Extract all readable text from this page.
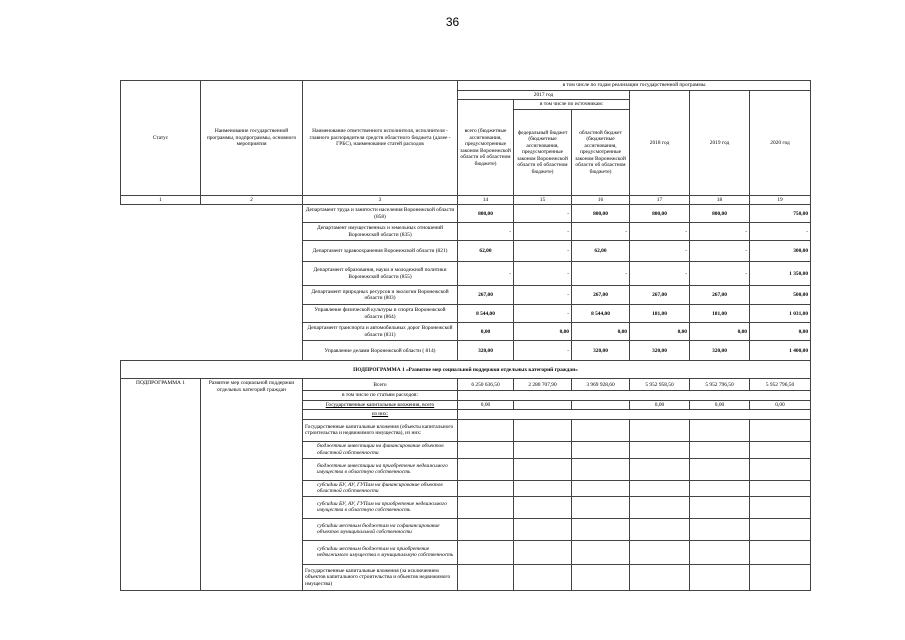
36
Статус	Наименование государственной программы, подпрограммы, основного мероприятия	Наименование ответственного исполнителя, исполнителя - главного распорядителя средств областного бюджета (далее - ГРБС), наименование статей расходов	в том числе по годам реализации государственной программы					
			2017 год			2018 год	2019 год	2020 год
			всего (бюджетные ассигнования, предусмотренные законом Воронежской области об областном бюджете)	в том числе по источникам:				
				федеральный бюджет (бюджетные ассигнования, предусмотренные законом Воронежской области об областном бюджете)	областной бюджет (бюджетные ассигнования, предусмотренные законом Воронежской области об областном бюджете)			
1	2	3	14	15	16	17	18	19
		Департамент труда и занятости населения Воронежской области (858)	800,00	-	800,00	800,00	800,00	750,00
		Департамент имущественных и земельных отношений Воронежской области (835)	-	-	-	-	-	-
		Департамент здравоохранения Воронежской области (821)	62,00	-	62,00	-	-	300,00
		Департамент образования, науки и молодежной политики Воронежской области (855)	-	-	-	-	-	1 350,00
		Департамент природных ресурсов и экологии Воронежской области (803)	267,00	-	267,00	267,00	267,00	500,00
		Управление физической культуры и спорта Воронежской области (864)	8 544,00	-	8 544,00	181,00	181,00	1 031,00
		Департамент транспорта и автомобильных дорог Воронежской области (831)	0,00	0,00	0,00	0,00	0,00	0,00
		Управление делами Воронежской области ( 814)	320,00	-	320,00	320,00	320,00	1 400,00
ПОДПРОГРАММА 1 «Развитие мер социальной поддержки отдельных категорий граждан»								
ПОДПРОГРАММА 1	Развитие мер социальной поддержки отдельных категорий граждан	Всего	6 250 636,50	2 280 707,90	3 969 928,60	5 952 958,50	5 952 796,50	5 952 796,50
		в том числе по статьям расходов:						
		Государственные капитальные вложения, всего	0,00			0,00	0,00	0,00
		из них:						
		Государственные капитальные вложения (объекты капитального строительства и недвижимого имущества), из них:						
		бюджетные инвестиции на финансирование объектов областной собственности						
		бюджетные инвестиции на приобретение недвижимого имущества в областную собственность						
		субсидии БУ, АУ, ГУПам на финансирование объектов областной собственности						
		субсидии БУ, АУ, ГУПам на приобретение недвижимого имущества в областную собственность						
		субсидии местным бюджетам на софинансирование объектов муниципальной собственности						
		субсидии местным бюджетам на приобретение недвижимого имущества в муниципальную собственность						
		Государственные капитальные вложения (за исключением объектов капитального строительства и объектов недвижимого имущества)						
